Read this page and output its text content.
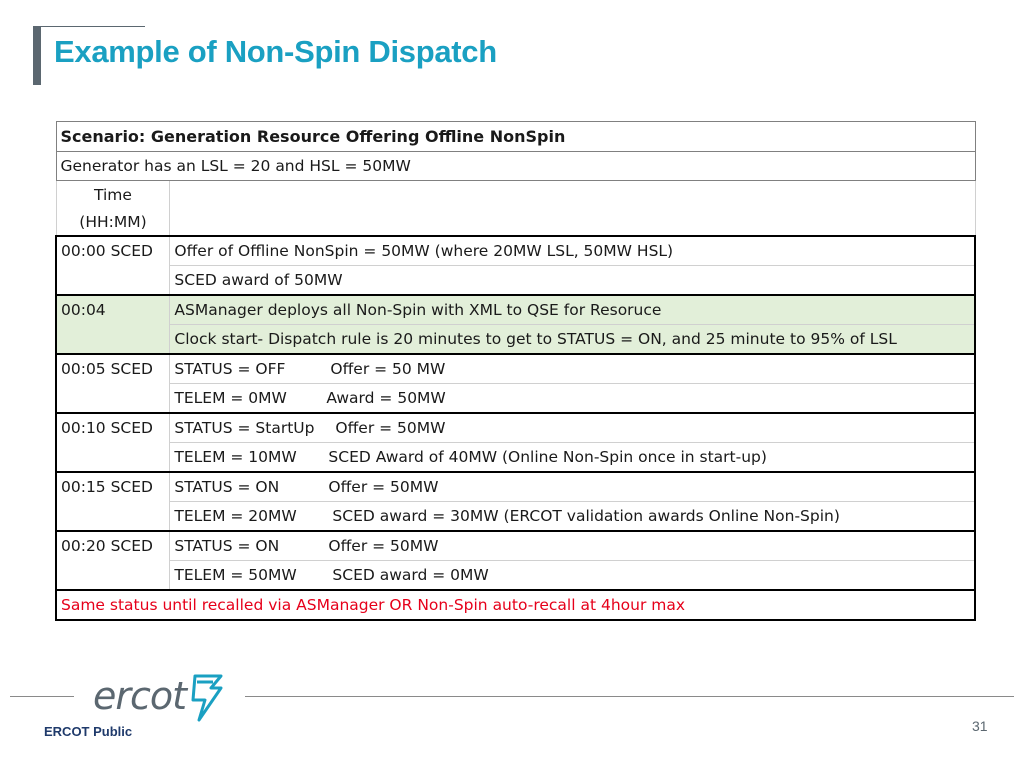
Example of Non-Spin Dispatch
Scenario: Generation Resource Offering Offline NonSpin	
Generator has an LSL = 20 and HSL = 50MW	
Time	
(HH:MM)	
00:00 SCED	Offer of Offline NonSpin = 50MW (where 20MW LSL, 50MW HSL)
	SCED award of 50MW
00:04	ASManager deploys all Non-Spin with XML to QSE for Resoruce
	Clock start- Dispatch rule is 20 minutes to get to STATUS = ON, and 25 minute to 95% of LSL
00:05 SCED	STATUS = OFF Offer = 50 MW
	TELEM = 0MW Award = 50MW
00:10 SCED	STATUS = StartUp Offer = 50MW
	TELEM = 10MW SCED Award of 40MW (Online Non-Spin once in start-up)
00:15 SCED	STATUS = ON Offer = 50MW
	TELEM = 20MW SCED award = 30MW (ERCOT validation awards Online Non-Spin)
00:20 SCED	STATUS = ON Offer = 50MW
	TELEM = 50MW SCED award = 0MW
Same status until recalled via ASManager OR Non-Spin auto-recall at 4hour max	
ercot
ERCOT Public	31
